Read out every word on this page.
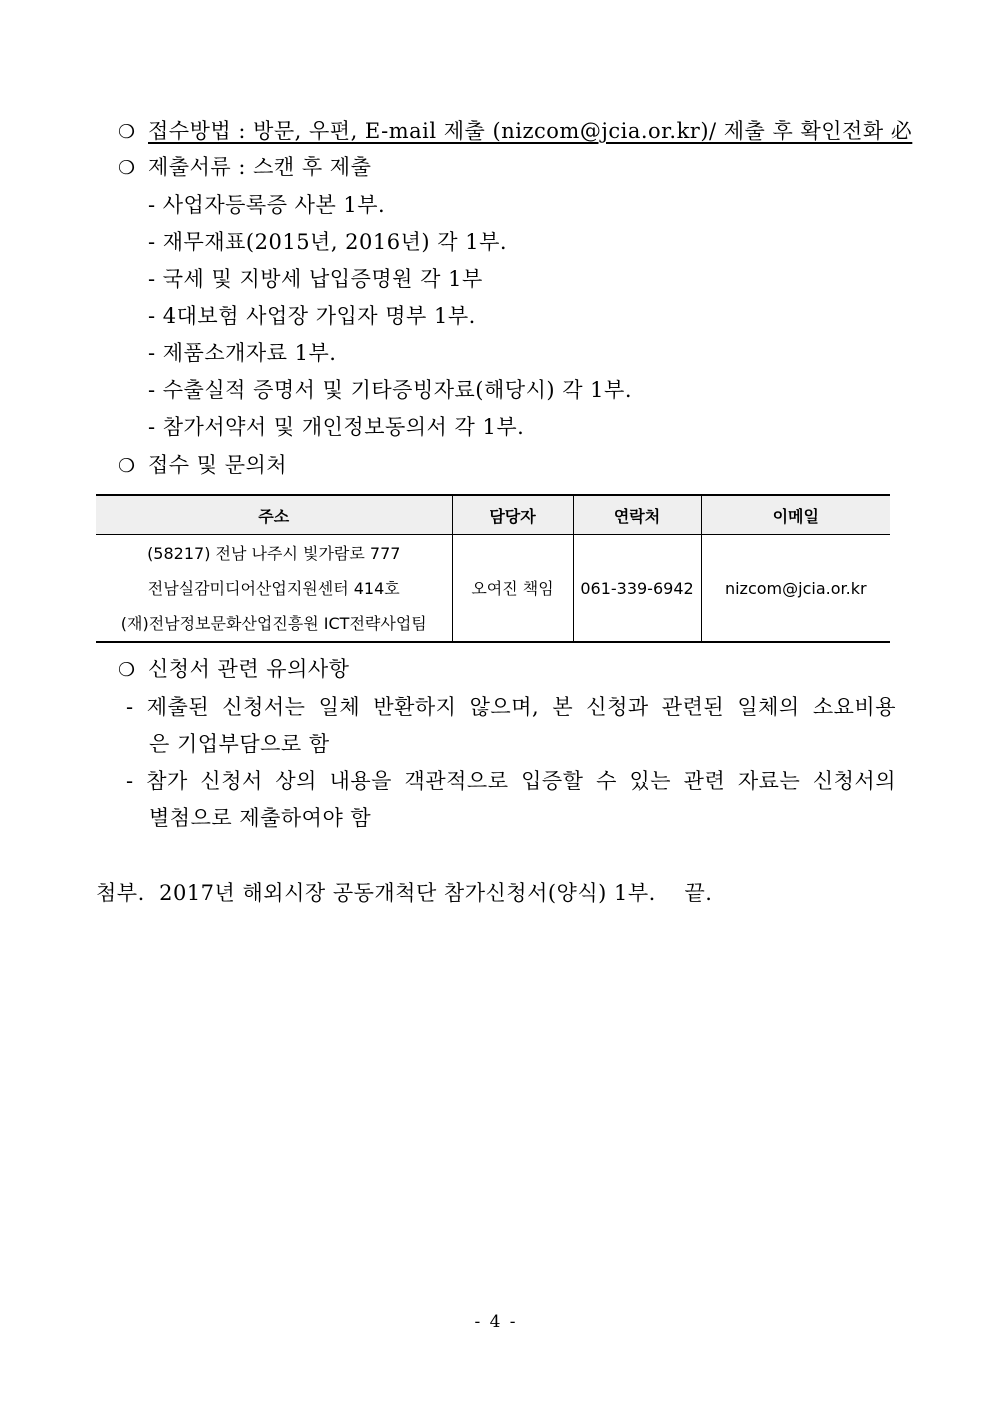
❍ 접수방법 : 방문, 우편, E-mail 제출 (nizcom@jcia.or.kr)/ 제출 후 확인전화 必
❍ 제출서류 : 스캔 후 제출
- 사업자등록증 사본 1부.
- 재무재표(2015년, 2016년) 각 1부.
- 국세 및 지방세 납입증명원 각 1부
- 4대보험 사업장 가입자 명부 1부.
- 제품소개자료 1부.
- 수출실적 증명서 및 기타증빙자료(해당시) 각 1부.
- 참가서약서 및 개인정보동의서 각 1부.
❍ 접수 및 문의처
주소	담당자	연락처	이메일

(58217) 전남 나주시 빛가람로 777
전남실감미디어산업지원센터 414호
(재)전남정보문화산업진흥원 ICT전략사업팀	오여진 책임	061-339-6942	nizcom@jcia.or.kr
❍ 신청서 관련 유의사항
- 제출된 신청서는 일체 반환하지 않으며, 본 신청과 관련된 일체의 소요비용
은 기업부담으로 함
- 참가 신청서 상의 내용을 객관적으로 입증할 수 있는 관련 자료는 신청서의
별첨으로 제출하여야 함
첨부.  2017년 해외시장 공동개척단 참가신청서(양식) 1부.    끝.
- 4 -
